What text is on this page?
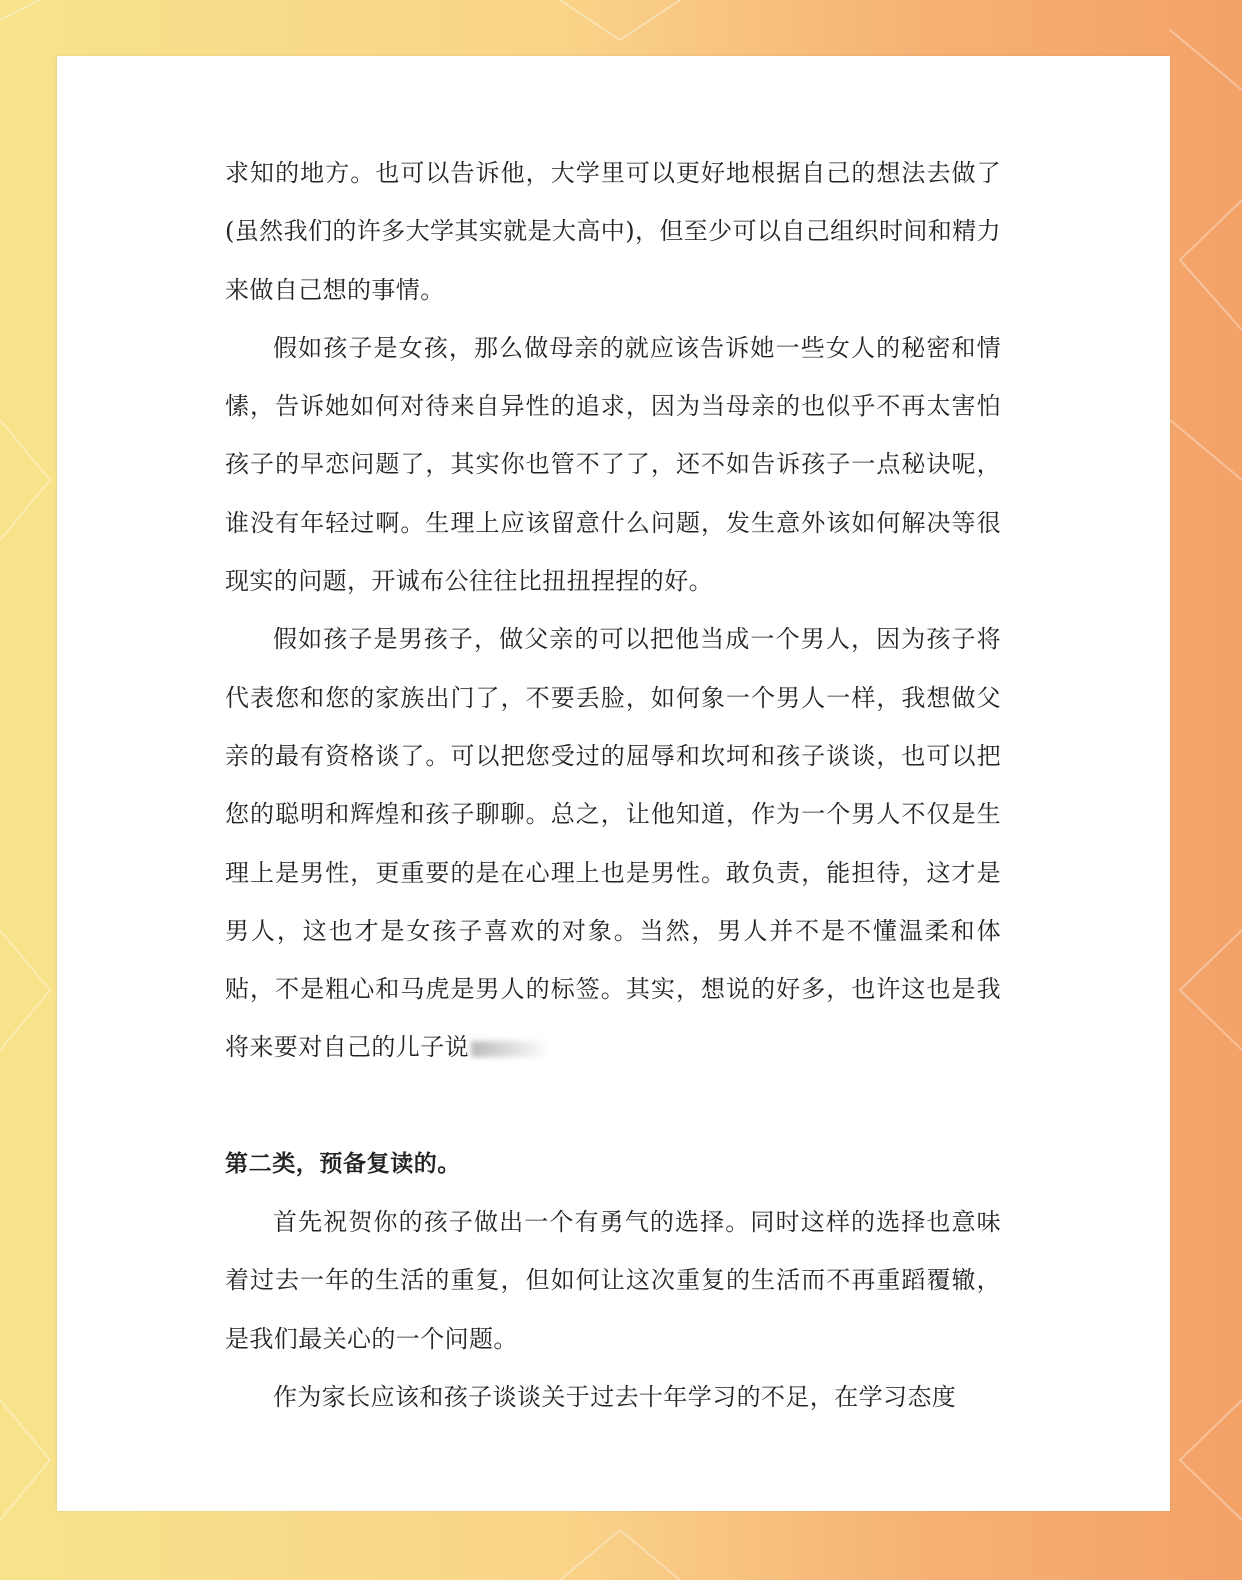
求知的地方。也可以告诉他，大学里可以更好地根据自己的想法去做了(虽然我们的许多大学其实就是大高中)，但至少可以自己组织时间和精力来做自己想的事情。

假如孩子是女孩，那么做母亲的就应该告诉她一些女人的秘密和情愫，告诉她如何对待来自异性的追求，因为当母亲的也似乎不再太害怕孩子的早恋问题了，其实你也管不了了，还不如告诉孩子一点秘诀呢，谁没有年轻过啊。生理上应该留意什么问题，发生意外该如何解决等很现实的问题，开诚布公往往比扭扭捏捏的好。

假如孩子是男孩子，做父亲的可以把他当成一个男人，因为孩子将代表您和您的家族出门了，不要丢脸，如何象一个男人一样，我想做父亲的最有资格谈了。可以把您受过的屈辱和坎坷和孩子谈谈，也可以把您的聪明和辉煌和孩子聊聊。总之，让他知道，作为一个男人不仅是生理上是男性，更重要的是在心理上也是男性。敢负责，能担待，这才是男人，这也才是女孩子喜欢的对象。当然，男人并不是不懂温柔和体贴，不是粗心和马虎是男人的标签。其实，想说的好多，也许这也是我将来要对自己的儿子说

第二类，预备复读的。

首先祝贺你的孩子做出一个有勇气的选择。同时这样的选择也意味着过去一年的生活的重复，但如何让这次重复的生活而不再重蹈覆辙，是我们最关心的一个问题。

作为家长应该和孩子谈谈关于过去十年学习的不足，在学习态度
